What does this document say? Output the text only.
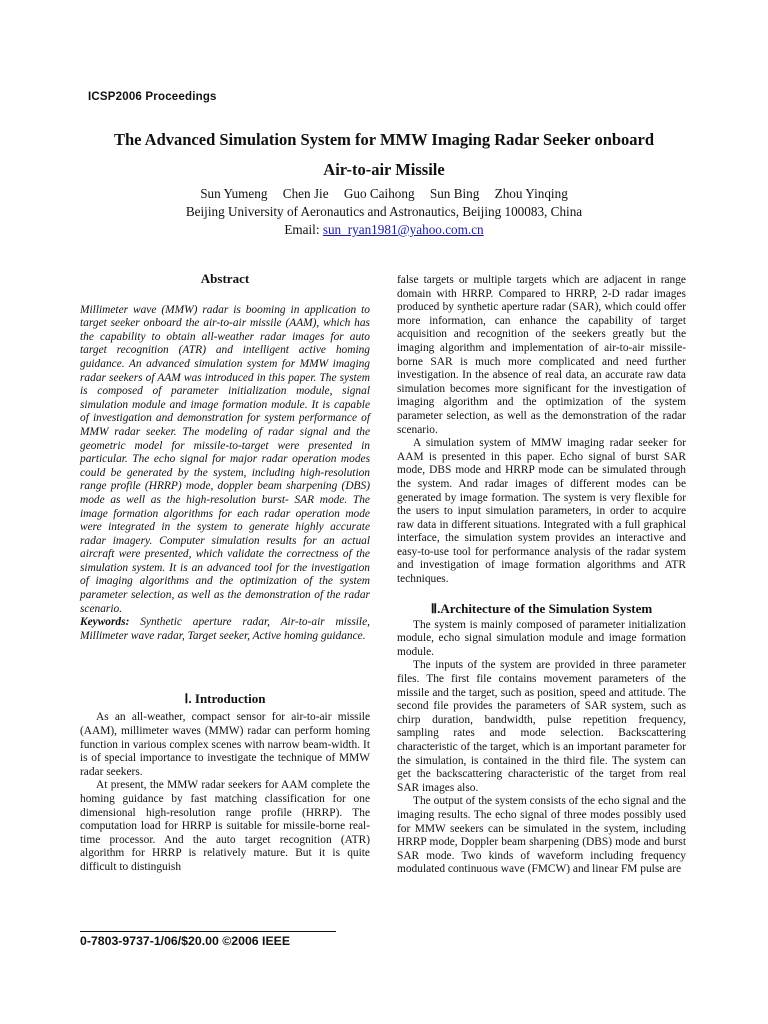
ICSP2006 Proceedings
The Advanced Simulation System for MMW Imaging Radar Seeker onboard
Air-to-air Missile
Sun Yumeng Chen Jie Guo Caihong Sun Bing Zhou Yinqing
Beijing University of Aeronautics and Astronautics, Beijing 100083, China
Email: sun_ryan1981@yahoo.com.cn
Abstract

Millimeter wave (MMW) radar is booming in application to target seeker onboard the air-to-air missile (AAM), which has the capability to obtain all-weather radar images for auto target recognition (ATR) and intelligent active homing guidance. An advanced simulation system for MMW imaging radar seekers of AAM was introduced in this paper. The system is composed of parameter initialization module, signal simulation module and image formation module. It is capable of investigation and demonstration for system performance of MMW radar seeker. The modeling of radar signal and the geometric model for missile-to-target were presented in particular. The echo signal for major radar operation modes could be generated by the system, including high-resolution range profile (HRRP) mode, doppler beam sharpening (DBS) mode as well as the high-resolution burst- SAR mode. The image formation algorithms for each radar operation mode were integrated in the system to generate highly accurate radar imagery. Computer simulation results for an actual aircraft were presented, which validate the correctness of the simulation system. It is an advanced tool for the investigation of imaging algorithms and the optimization of the system parameter selection, as well as the demonstration of the radar scenario.

Keywords: Synthetic aperture radar, Air-to-air missile, Millimeter wave radar, Target seeker, Active homing guidance.

Ⅰ. Introduction

As an all-weather, compact sensor for air-to-air missile (AAM), millimeter waves (MMW) radar can perform homing function in various complex scenes with narrow beam-width. It is of special importance to investigate the technique of MMW radar seekers.

At present, the MMW radar seekers for AAM complete the homing guidance by fast matching classification for one dimensional high-resolution range profile (HRRP). The computation load for HRRP is suitable for missile-borne real-time processor. And the auto target recognition (ATR) algorithm for HRRP is relatively mature. But it is quite difficult to distinguish

false targets or multiple targets which are adjacent in range domain with HRRP. Compared to HRRP, 2-D radar images produced by synthetic aperture radar (SAR), which could offer more information, can enhance the capability of target acquisition and recognition of the seekers greatly but the imaging algorithm and implementation of air-to-air missile-borne SAR is much more complicated and need further investigation. In the absence of real data, an accurate raw data simulation becomes more significant for the investigation of imaging algorithm and the optimization of the system parameter selection, as well as the demonstration of the radar scenario.

A simulation system of MMW imaging radar seeker for AAM is presented in this paper. Echo signal of burst SAR mode, DBS mode and HRRP mode can be simulated through the system. And radar images of different modes can be generated by image formation. The system is very flexible for the users to input simulation parameters, in order to acquire raw data in different situations. Integrated with a full graphical interface, the simulation system provides an interactive and easy-to-use tool for performance analysis of the radar system and investigation of image formation algorithms and ATR techniques.

Ⅱ.Architecture of the Simulation System

The system is mainly composed of parameter initialization module, echo signal simulation module and image formation module.

The inputs of the system are provided in three parameter files. The first file contains movement parameters of the missile and the target, such as position, speed and attitude. The second file provides the parameters of SAR system, such as chirp duration, bandwidth, pulse repetition frequency, sampling rates and mode selection. Backscattering characteristic of the target, which is an important parameter for the simulation, is contained in the third file. The system can get the backscattering characteristic of the target from real SAR images also.

The output of the system consists of the echo signal and the imaging results. The echo signal of three modes possibly used for MMW seekers can be simulated in the system, including HRRP mode, Doppler beam sharpening (DBS) mode and burst SAR mode. Two kinds of waveform including frequency modulated continuous wave (FMCW) and linear FM pulse are

0-7803-9737-1/06/$20.00 ©2006 IEEE
